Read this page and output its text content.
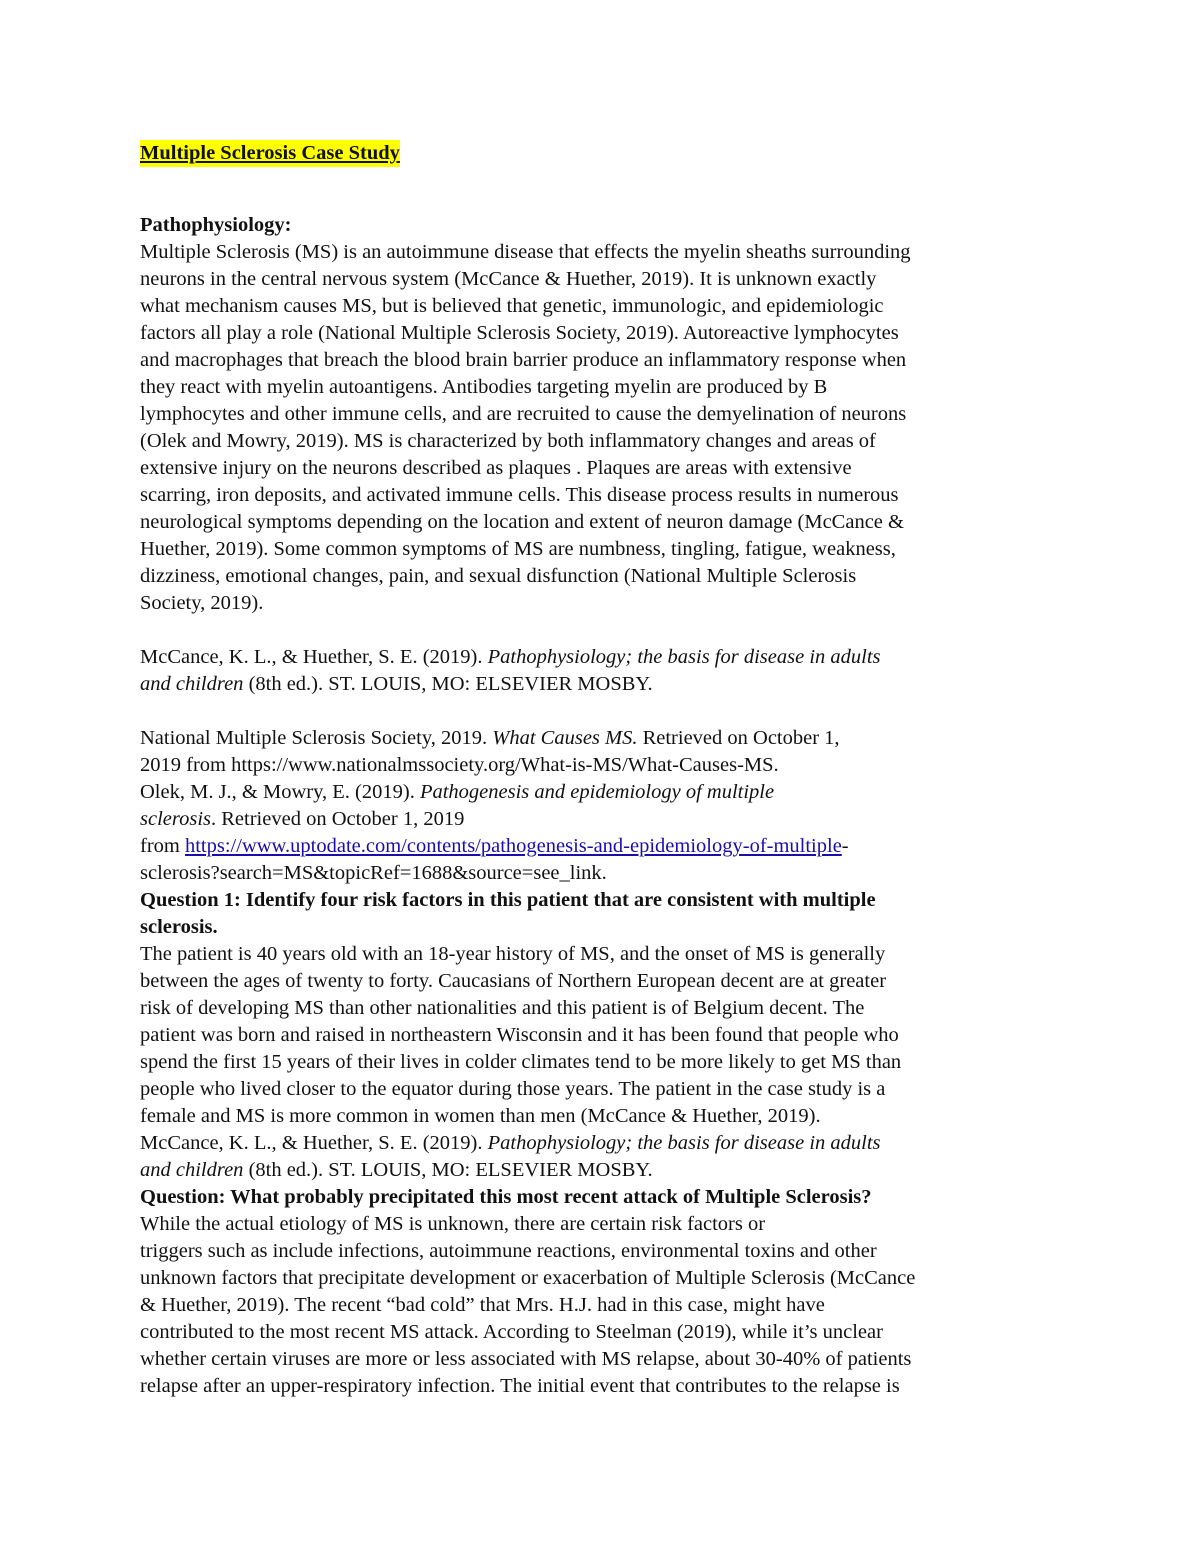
Multiple Sclerosis Case Study
Pathophysiology:
Multiple Sclerosis (MS) is an autoimmune disease that effects the myelin sheaths surrounding
neurons in the central nervous system (McCance & Huether, 2019). It is unknown exactly
what mechanism causes MS, but is believed that genetic, immunologic, and epidemiologic
factors all play a role (National Multiple Sclerosis Society, 2019). Autoreactive lymphocytes
and macrophages that breach the blood brain barrier produce an inflammatory response when
they react with myelin autoantigens. Antibodies targeting myelin are produced by B
lymphocytes and other immune cells, and are recruited to cause the demyelination of neurons
(Olek and Mowry, 2019). MS is characterized by both inflammatory changes and areas of
extensive injury on the neurons described as plaques . Plaques are areas with extensive
scarring, iron deposits, and activated immune cells. This disease process results in numerous
neurological symptoms depending on the location and extent of neuron damage (McCance &
Huether, 2019). Some common symptoms of MS are numbness, tingling, fatigue, weakness,
dizziness, emotional changes, pain, and sexual disfunction (National Multiple Sclerosis
Society, 2019).
McCance, K. L., & Huether, S. E. (2019). Pathophysiology; the basis for disease in adults
and children (8th ed.). ST. LOUIS, MO: ELSEVIER MOSBY.
National Multiple Sclerosis Society, 2019. What Causes MS. Retrieved on October 1,
2019 from https://www.nationalmssociety.org/What-is-MS/What-Causes-MS.
Olek, M. J., & Mowry, E. (2019). Pathogenesis and epidemiology of multiple
sclerosis. Retrieved on October 1, 2019
from https://www.uptodate.com/contents/pathogenesis-and-epidemiology-of-multiple-
sclerosis?search=MS&topicRef=1688&source=see_link.
Question 1: Identify four risk factors in this patient that are consistent with multiple
sclerosis.
The patient is 40 years old with an 18-year history of MS, and the onset of MS is generally
between the ages of twenty to forty. Caucasians of Northern European decent are at greater
risk of developing MS than other nationalities and this patient is of Belgium decent. The
patient was born and raised in northeastern Wisconsin and it has been found that people who
spend the first 15 years of their lives in colder climates tend to be more likely to get MS than
people who lived closer to the equator during those years. The patient in the case study is a
female and MS is more common in women than men (McCance & Huether, 2019).
McCance, K. L., & Huether, S. E. (2019). Pathophysiology; the basis for disease in adults
and children (8th ed.). ST. LOUIS, MO: ELSEVIER MOSBY.
Question: What probably precipitated this most recent attack of Multiple Sclerosis?
While the actual etiology of MS is unknown, there are certain risk factors or
triggers such as include infections, autoimmune reactions, environmental toxins and other
unknown factors that precipitate development or exacerbation of Multiple Sclerosis (McCance
& Huether, 2019). The recent “bad cold” that Mrs. H.J. had in this case, might have
contributed to the most recent MS attack. According to Steelman (2019), while it’s unclear
whether certain viruses are more or less associated with MS relapse, about 30-40% of patients
relapse after an upper-respiratory infection. The initial event that contributes to the relapse is
